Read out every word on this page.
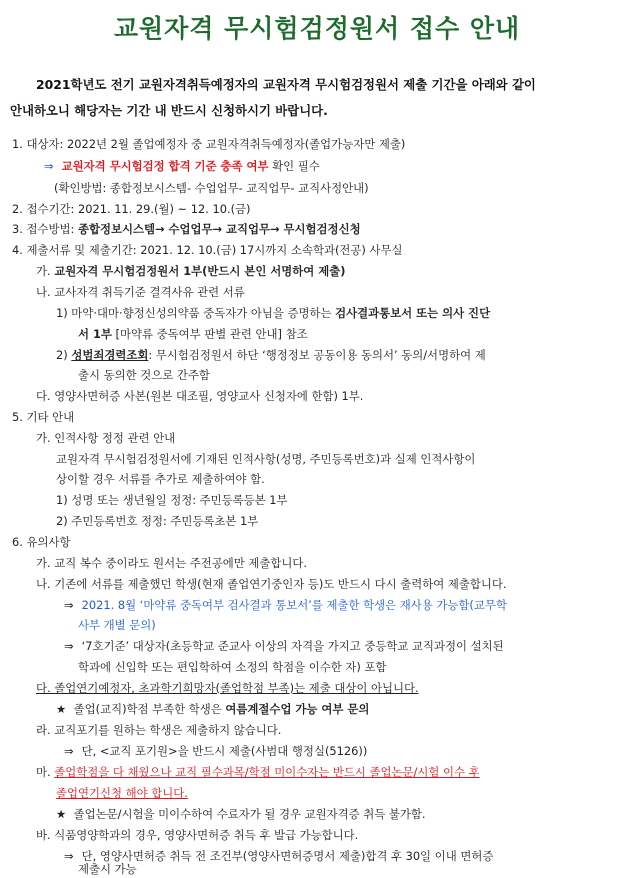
교원자격 무시험검정원서 접수 안내
2021학년도 전기 교원자격취득예정자의 교원자격 무시험검정원서 제출 기간을 아래와 같이
안내하오니 해당자는 기간 내 반드시 신청하시기 바랍니다.
1. 대상자: 2022년 2월 졸업예정자 중 교원자격취득예정자(졸업가능자만 제출)
⇒ 교원자격 무시험검정 합격 기준 충족 여부 확인 필수
(확인방법: 종합정보시스템- 수업업무- 교직업무- 교직사정안내)
2. 접수기간: 2021. 11. 29.(월) ~ 12. 10.(금)
3. 접수방법: 종합정보시스템→ 수업업무→ 교직업무→ 무시험검정신청
4. 제출서류 및 제출기간: 2021. 12. 10.(금) 17시까지 소속학과(전공) 사무실
가. 교원자격 무시험검정원서 1부(반드시 본인 서명하여 제출)
나. 교사자격 취득기준 결격사유 관련 서류
1) 마약·대마·향정신성의약품 중독자가 아님을 증명하는 검사결과통보서 또는 의사 진단
서 1부 [마약류 중독여부 판별 관련 안내] 참조
2) 성범죄경력조회: 무시험검정원서 하단 ‘행정정보 공동이용 동의서’ 동의/서명하여 제
출시 동의한 것으로 간주함
다. 영양사면허증 사본(원본 대조필, 영양교사 신청자에 한함) 1부.
5. 기타 안내
가. 인적사항 정정 관련 안내
교원자격 무시험검정원서에 기재된 인적사항(성명, 주민등록번호)과 실제 인적사항이
상이할 경우 서류를 추가로 제출하여야 함.
1) 성명 또는 생년월일 정정: 주민등록등본 1부
2) 주민등록번호 정정: 주민등록초본 1부
6. 유의사항
가. 교직 복수 중이라도 원서는 주전공에만 제출합니다.
나. 기존에 서류를 제출했던 학생(현재 졸업연기중인자 등)도 반드시 다시 출력하여 제출합니다.
⇒ 2021. 8월 ‘마약류 중독여부 검사결과 통보서’를 제출한 학생은 재사용 가능함(교무학
사부 개별 문의)
⇒ ‘7호기준’ 대상자(초등학교 준교사 이상의 자격을 가지고 중등학교 교직과정이 설치된
학과에 신입학 또는 편입학하여 소정의 학점을 이수한 자) 포함
다. 졸업연기예정자, 초과학기희망자(졸업학점 부족)는 제출 대상이 아닙니다.
★ 졸업(교직)학점 부족한 학생은 여름계절수업 가능 여부 문의
라. 교직포기를 원하는 학생은 제출하지 않습니다.
⇒ 단, <교직 포기원>을 반드시 제출(사범대 행정실(5126))
마. 졸업학점을 다 채웠으나 교직 필수과목/학점 미이수자는 반드시 졸업논문/시험 이수 후
졸업연기신청 해야 합니다.
★ 졸업논문/시험을 미이수하여 수료자가 될 경우 교원자격증 취득 불가함.
바. 식품영양학과의 경우, 영양사면허증 취득 후 발급 가능합니다.
⇒ 단, 영양사면허증 취득 전 조건부(영양사면허증명서 제출)합격 후 30일 이내 면허증
제출시 가능
